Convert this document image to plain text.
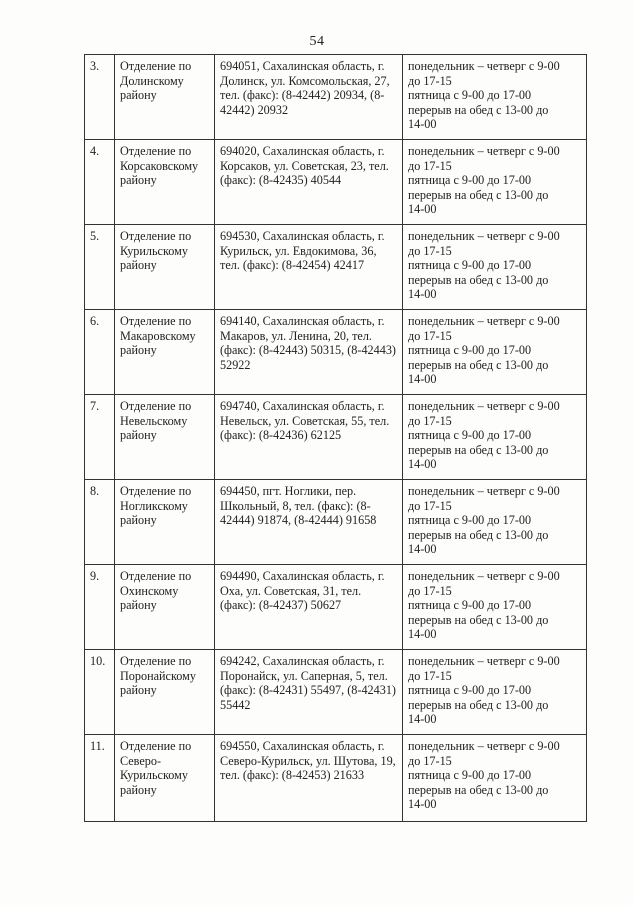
54
3.	Отделение по Долинскому району	694051, Сахалинская область, г. Долинск, ул. Комсомольская, 27, тел. (факс): (8-42442) 20934, (8-42442) 20932	понедельник – четверг с 9-00
до 17-15
пятница с 9-00 до 17-00
перерыв на обед с 13-00 до
14-00

4.	Отделение по Корсаковскому району	694020, Сахалинская область, г. Корсаков, ул. Советская, 23, тел. (факс): (8-42435) 40544	понедельник – четверг с 9-00
до 17-15
пятница с 9-00 до 17-00
перерыв на обед с 13-00 до
14-00

5.	Отделение по Курильскому району	694530, Сахалинская область, г. Курильск, ул. Евдокимова, 36, тел. (факс): (8-42454) 42417	понедельник – четверг с 9-00
до 17-15
пятница с 9-00 до 17-00
перерыв на обед с 13-00 до
14-00

6.	Отделение по Макаровскому району	694140, Сахалинская область, г. Макаров, ул. Ленина, 20, тел. (факс): (8-42443) 50315, (8-42443) 52922	понедельник – четверг с 9-00
до 17-15
пятница с 9-00 до 17-00
перерыв на обед с 13-00 до
14-00

7.	Отделение по Невельскому району	694740, Сахалинская область, г. Невельск, ул. Советская, 55, тел. (факс): (8-42436) 62125	понедельник – четверг с 9-00
до 17-15
пятница с 9-00 до 17-00
перерыв на обед с 13-00 до
14-00

8.	Отделение по Ногликскому району	694450, пгт. Ноглики, пер. Школьный, 8, тел. (факс): (8-42444) 91874, (8-42444) 91658	понедельник – четверг с 9-00
до 17-15
пятница с 9-00 до 17-00
перерыв на обед с 13-00 до
14-00

9.	Отделение по Охинскому району	694490, Сахалинская область, г. Оха, ул. Советская, 31, тел. (факс): (8-42437) 50627	понедельник – четверг с 9-00
до 17-15
пятница с 9-00 до 17-00
перерыв на обед с 13-00 до
14-00

10.	Отделение по Поронайскому району	694242, Сахалинская область, г. Поронайск, ул. Саперная, 5, тел. (факс): (8-42431) 55497, (8-42431) 55442	понедельник – четверг с 9-00
до 17-15
пятница с 9-00 до 17-00
перерыв на обед с 13-00 до
14-00

11.	Отделение по Северо-Курильскому району	694550, Сахалинская область, г. Северо-Курильск, ул. Шутова, 19, тел. (факс): (8-42453) 21633	понедельник – четверг с 9-00
до 17-15
пятница с 9-00 до 17-00
перерыв на обед с 13-00 до
14-00
